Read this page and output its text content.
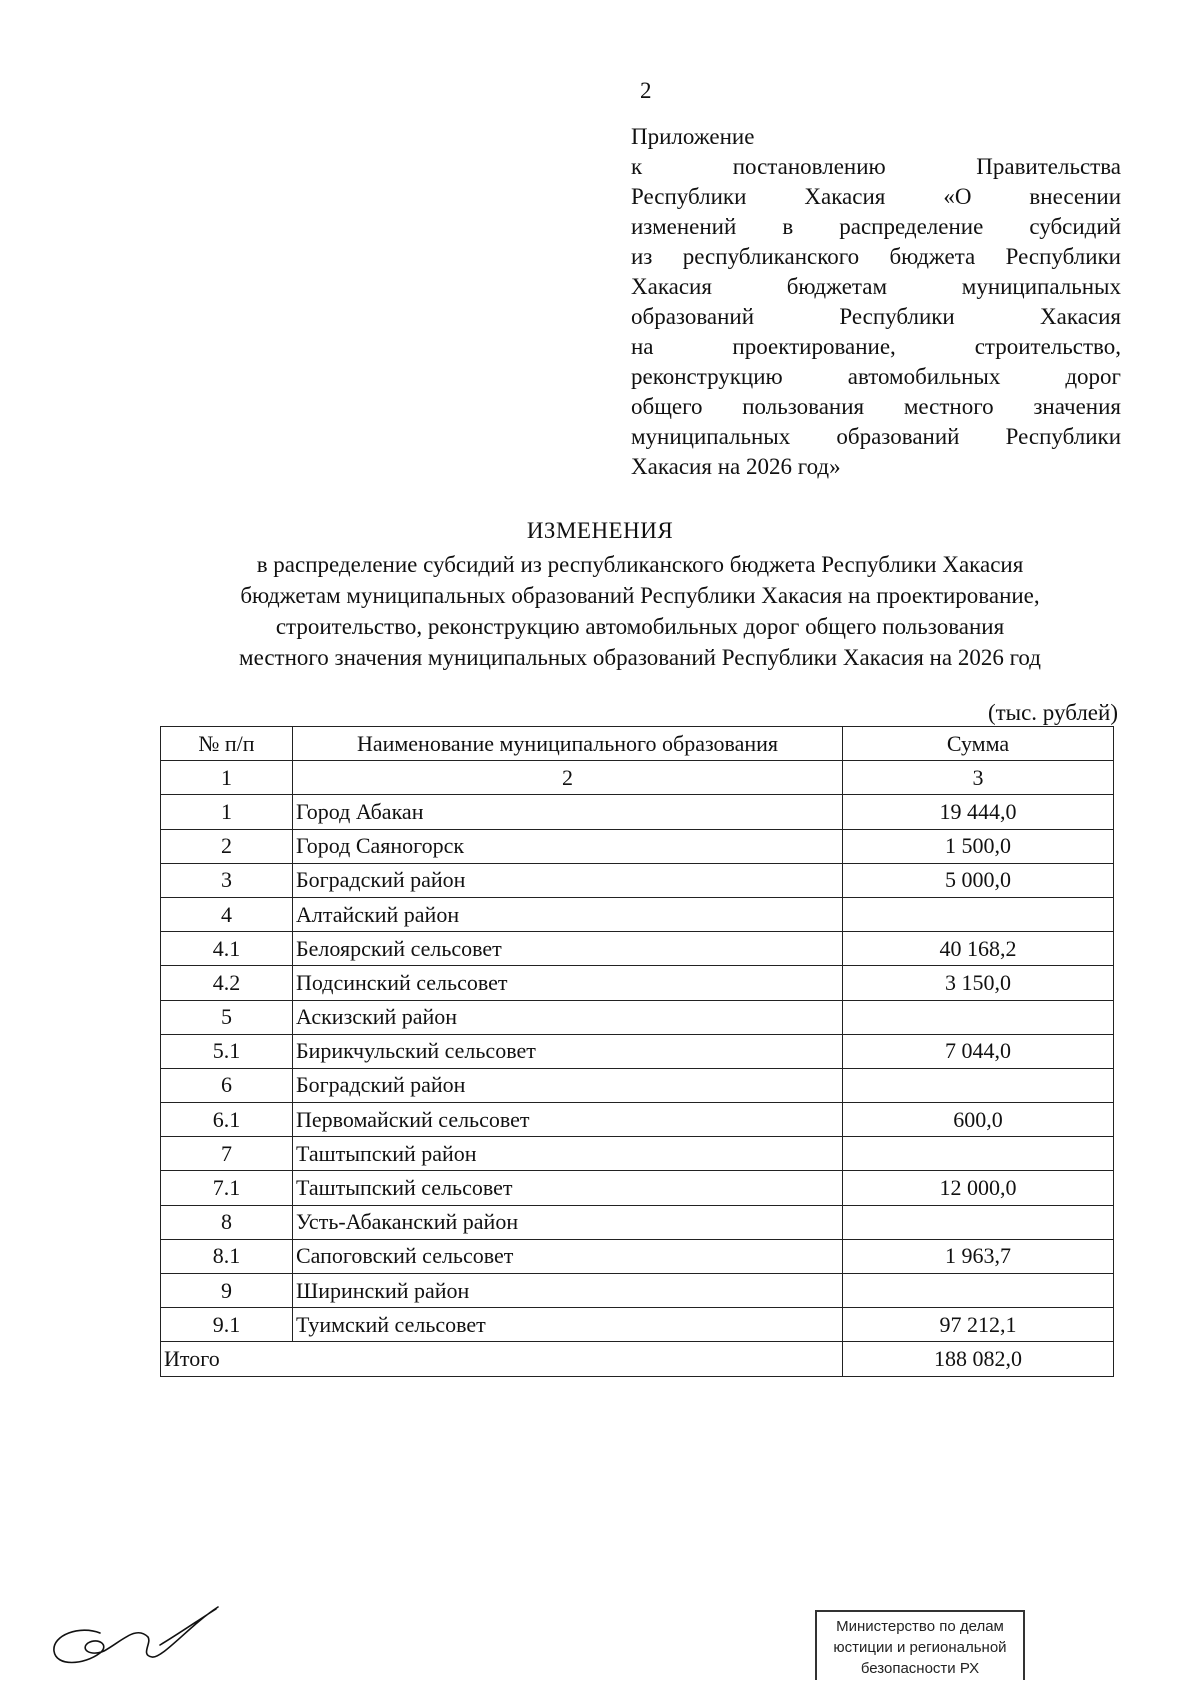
2
Приложение
к постановлению Правительства
Республики Хакасия «О внесении
изменений в распределение субсидий
из республиканского бюджета Республики
Хакасия бюджетам муниципальных
образований Республики Хакасия
на проектирование, строительство,
реконструкцию автомобильных дорог
общего пользования местного значения
муниципальных образований Республики
Хакасия на 2026 год»
ИЗМЕНЕНИЯ
в распределение субсидий из республиканского бюджета Республики Хакасия
бюджетам муниципальных образований Республики Хакасия на проектирование,
строительство, реконструкцию автомобильных дорог общего пользования
местного значения муниципальных образований Республики Хакасия на 2026 год
(тыс. рублей)
№ п/п	Наименование муниципального образования	Сумма
1	2	3
1	Город Абакан	19 444,0
2	Город Саяногорск	1 500,0
3	Боградский район	5 000,0
4	Алтайский район	
4.1	Белоярский сельсовет	40 168,2
4.2	Подсинский сельсовет	3 150,0
5	Аскизский район	
5.1	Бирикчульский сельсовет	7 044,0
6	Боградский район	
6.1	Первомайский сельсовет	600,0
7	Таштыпский район	
7.1	Таштыпский сельсовет	12 000,0
8	Усть-Абаканский район	
8.1	Сапоговский сельсовет	1 963,7
9	Ширинский район	
9.1	Туимский сельсовет	97 212,1
Итого		188 082,0
Министерство по делам
юстиции и региональной
безопасности РХ
